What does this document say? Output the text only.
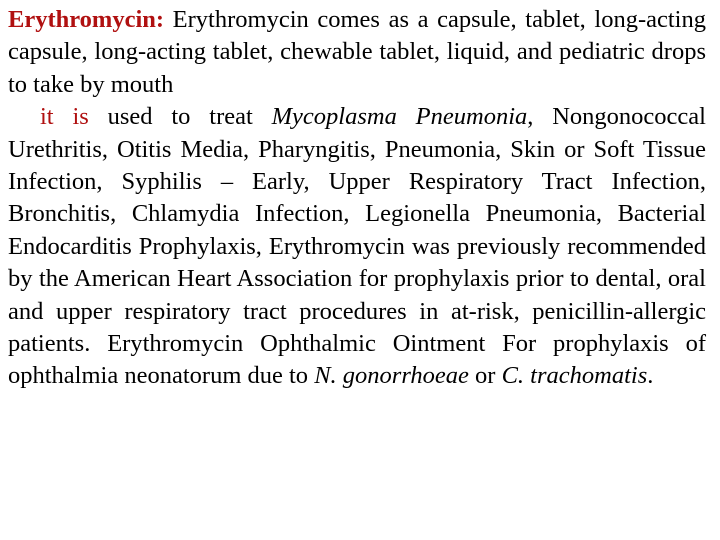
Erythromycin: Erythromycin comes as a capsule, tablet, long-acting capsule, long-acting tablet, chewable tablet, liquid, and pediatric drops to take by mouth

it is used to treat Mycoplasma Pneumonia, Nongonococcal Urethritis, Otitis Media, Pharyngitis, Pneumonia, Skin or Soft Tissue Infection, Syphilis – Early, Upper Respiratory Tract Infection, Bronchitis, Chlamydia Infection, Legionella Pneumonia, Bacterial Endocarditis Prophylaxis, Erythromycin was previously recommended by the American Heart Association for prophylaxis prior to dental, oral and upper respiratory tract procedures in at-risk, penicillin-allergic patients. Erythromycin Ophthalmic Ointment For prophylaxis of ophthalmia neonatorum due to N. gonorrhoeae or C. trachomatis.
